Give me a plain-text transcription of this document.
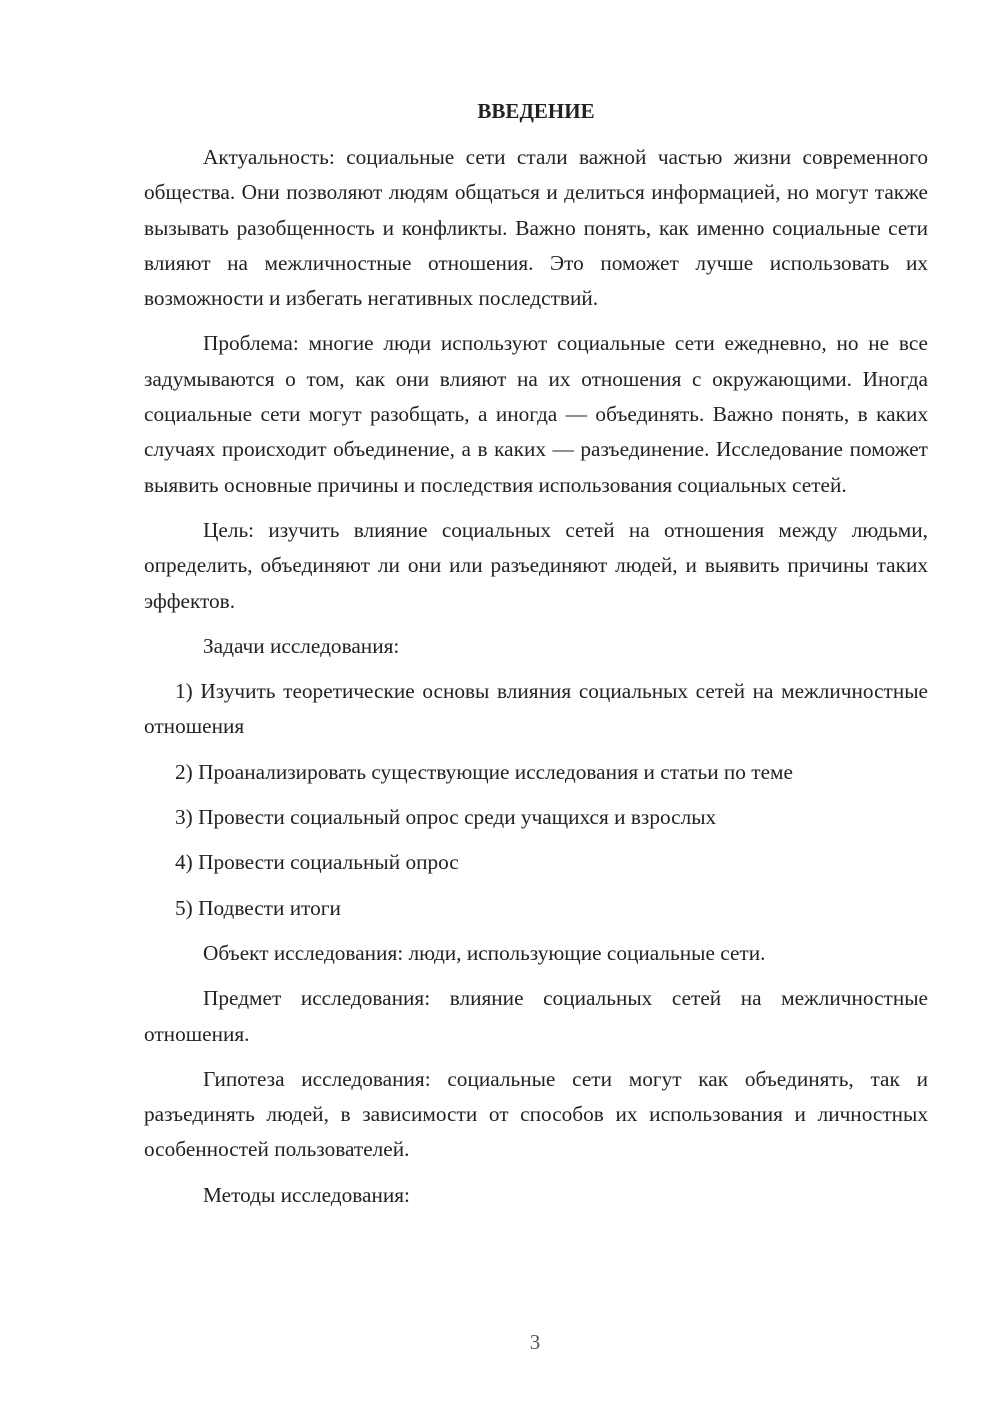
ВВЕДЕНИЕ

Актуальность: социальные сети стали важной частью жизни современного общества. Они позволяют людям общаться и делиться информацией, но могут также вызывать разобщенность и конфликты. Важно понять, как именно социальные сети влияют на межличностные отношения. Это поможет лучше использовать их возможности и избегать негативных последствий.

Проблема: многие люди используют социальные сети ежедневно, но не все задумываются о том, как они влияют на их отношения с окружающими. Иногда социальные сети могут разобщать, а иногда — объединять. Важно понять, в каких случаях происходит объединение, а в каких — разъединение. Исследование поможет выявить основные причины и последствия использования социальных сетей.

Цель: изучить влияние социальных сетей на отношения между людьми, определить, объединяют ли они или разъединяют людей, и выявить причины таких эффектов.

Задачи исследования:

1) Изучить теоретические основы влияния социальных сетей на межличностные отношения

2) Проанализировать существующие исследования и статьи по теме

3) Провести социальный опрос среди учащихся и взрослых

4) Провести социальный опрос

5) Подвести итоги

Объект исследования: люди, использующие социальные сети.

Предмет исследования: влияние социальных сетей на межличностные отношения.

Гипотеза исследования: социальные сети могут как объединять, так и разъединять людей, в зависимости от способов их использования и личностных особенностей пользователей.

Методы исследования:

3
